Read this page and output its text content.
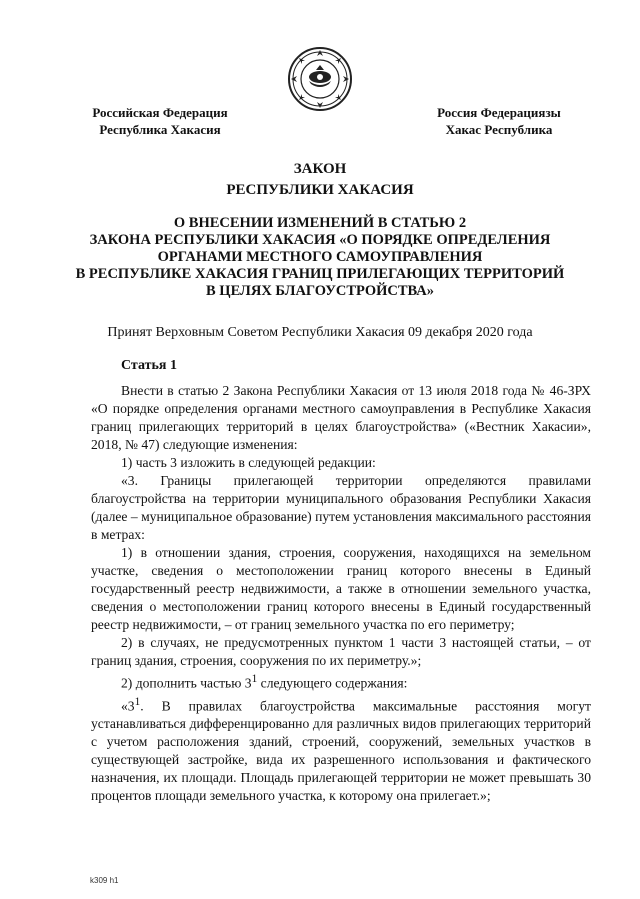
Российская Федерация
Республика Хакасия
Россия Федерациязы
Хакас Республика
ЗАКОН
РЕСПУБЛИКИ ХАКАСИЯ
О ВНЕСЕНИИ ИЗМЕНЕНИЙ В СТАТЬЮ 2
ЗАКОНА РЕСПУБЛИКИ ХАКАСИЯ «О ПОРЯДКЕ ОПРЕДЕЛЕНИЯ
ОРГАНАМИ МЕСТНОГО САМОУПРАВЛЕНИЯ
В РЕСПУБЛИКЕ ХАКАСИЯ ГРАНИЦ ПРИЛЕГАЮЩИХ ТЕРРИТОРИЙ
В ЦЕЛЯХ БЛАГОУСТРОЙСТВА»
Принят Верховным Советом Республики Хакасия 09 декабря 2020 года
Статья 1

Внести в статью 2 Закона Республики Хакасия от 13 июля 2018 года № 46-ЗРХ «О порядке определения органами местного самоуправления в Республике Хакасия границ прилегающих территорий в целях благоустройства» («Вестник Хакасии», 2018, № 47) следующие изменения:

1) часть 3 изложить в следующей редакции:

«3. Границы прилегающей территории определяются правилами благоустройства на территории муниципального образования Республики Хакасия (далее – муниципальное образование) путем установления максимального расстояния в метрах:

1) в отношении здания, строения, сооружения, находящихся на земельном участке, сведения о местоположении границ которого внесены в Единый государственный реестр недвижимости, а также в отношении земельного участка, сведения о местоположении границ которого внесены в Единый государственный реестр недвижимости, – от границ земельного участка по его периметру;

2) в случаях, не предусмотренных пунктом 1 части 3 настоящей статьи, – от границ здания, строения, сооружения по их периметру.»;

2) дополнить частью $3^1$ следующего содержания:

«$3^1$. В правилах благоустройства максимальные расстояния могут устанавливаться дифференцированно для различных видов прилегающих территорий с учетом расположения зданий, строений, сооружений, земельных участков в существующей застройке, вида их разрешенного использования и фактического назначения, их площади. Площадь прилегающей территории не может превышать 30 процентов площади земельного участка, к которому она прилегает.»;

k309 h1
